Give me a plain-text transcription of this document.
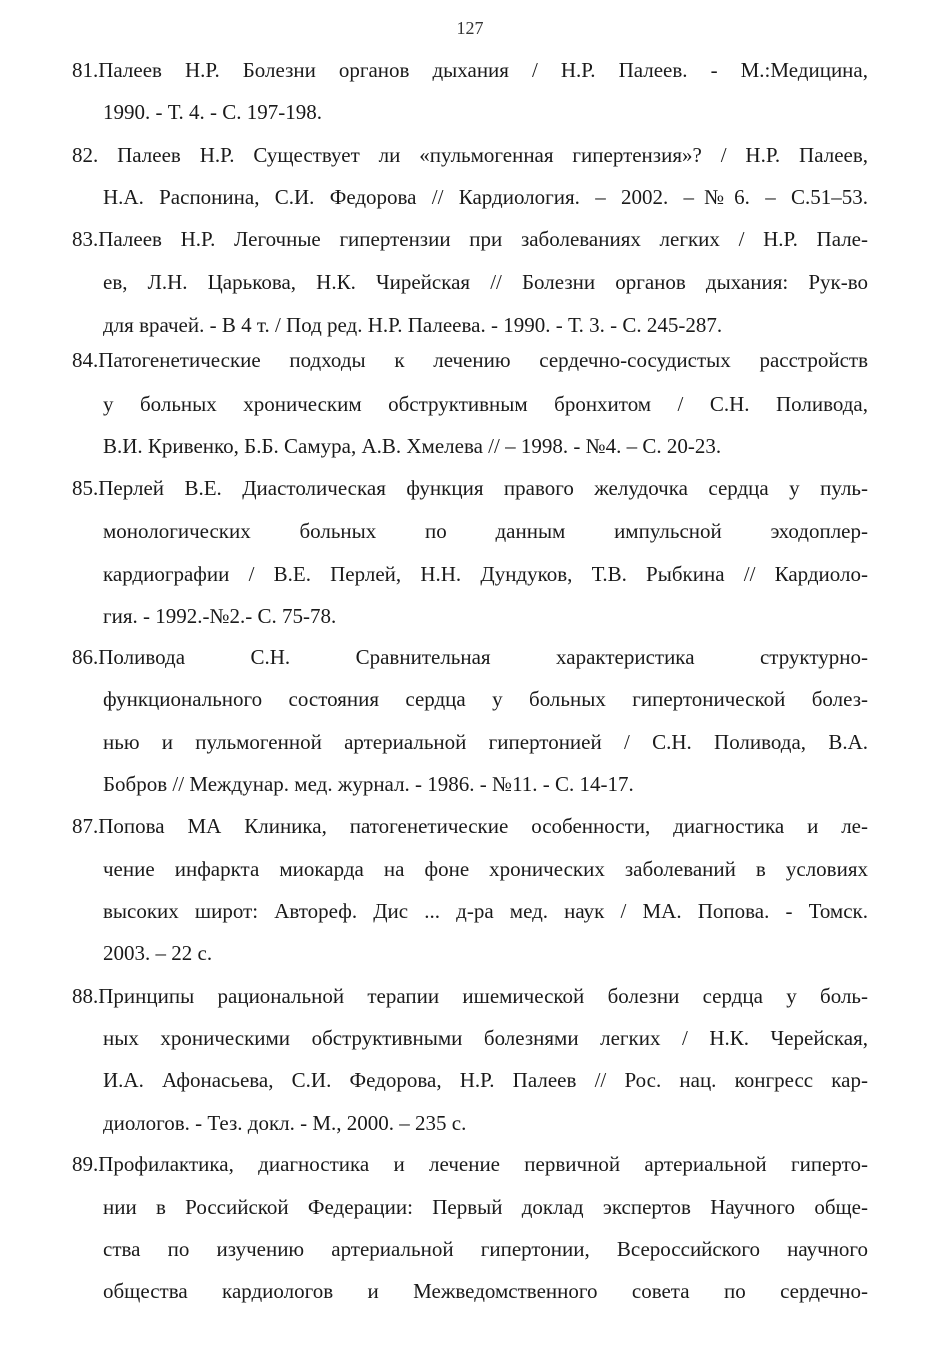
127
81.Палеев Н.Р. Болезни органов дыхания / Н.Р. Палеев. - М.:Медицина,
1990. - Т. 4. - С. 197-198.
82. Палеев Н.Р. Существует ли «пульмогенная гипертензия»? / Н.Р. Палеев,
Н.А. Распонина, С.И. Федорова // Кардиология. – 2002. –№6. – С.51–53.
83.Палеев Н.Р. Легочные гипертензии при заболеваниях легких / Н.Р. Пале-
ев, Л.Н. Царькова, Н.К. Чирейская // Болезни органов дыхания: Рук-во
для врачей. - В 4 т. / Под ред. Н.Р. Палеева. - 1990. - Т. 3. - С. 245-287.
84.Патогенетические подходы к лечению сердечно-сосудистых расстройств
у больных хроническим обструктивным бронхитом / С.Н. Поливода,
В.И. Кривенко, Б.Б. Самура, А.В. Хмелева // – 1998. - №4. – С. 20-23.
85.Перлей В.Е. Диастолическая функция правого желудочка сердца у пуль-
монологических больных по данным импульсной эходоплер-
кардиографии / В.Е. Перлей, Н.Н. Дундуков, Т.В. Рыбкина // Кардиоло-
гия. - 1992.-№2.- С. 75-78.
86.Поливода С.Н. Сравнительная характеристика структурно-
функционального состояния сердца у больных гипертонической болез-
нью и пульмогенной артериальной гипертонией / С.Н. Поливода, В.А.
Бобров // Междунар. мед. журнал. - 1986. - №11. - С. 14-17.
87.Попова МА Клиника, патогенетические особенности, диагностика и ле-
чение инфаркта миокарда на фоне хронических заболеваний в условиях
высоких широт: Автореф. Дис ... д-ра мед. наук / МА. Попова. - Томск.
2003. – 22 с.
88.Принципы рациональной терапии ишемической болезни сердца у боль-
ных хроническими обструктивными болезнями легких / Н.К. Черейская,
И.А. Афонасьева, С.И. Федорова, Н.Р. Палеев // Рос. нац. конгресс кар-
диологов. - Тез. докл. - М., 2000. – 235 с.
89.Профилактика, диагностика и лечение первичной артериальной гиперто-
нии в Российской Федерации: Первый доклад экспертов Научного обще-
ства по изучению артериальной гипертонии, Всероссийского научного
общества кардиологов и Межведомственного совета по сердечно-
